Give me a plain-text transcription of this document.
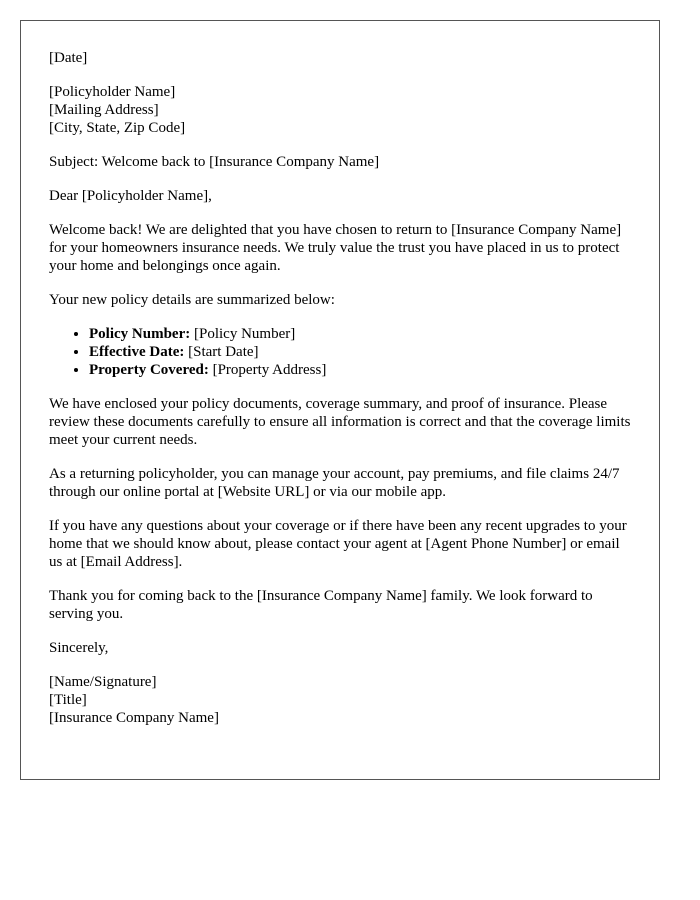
[Date]
[Policyholder Name]
[Mailing Address]
[City, State, Zip Code]
Subject: Welcome back to [Insurance Company Name]
Dear [Policyholder Name],

Welcome back! We are delighted that you have chosen to return to [Insurance Company Name] for your homeowners insurance needs. We truly value the trust you have placed in us to protect your home and belongings once again.

Your new policy details are summarized below:

• Policy Number: [Policy Number]
• Effective Date: [Start Date]
• Property Covered: [Property Address]

We have enclosed your policy documents, coverage summary, and proof of insurance. Please review these documents carefully to ensure all information is correct and that the coverage limits meet your current needs.

As a returning policyholder, you can manage your account, pay premiums, and file claims 24/7 through our online portal at [Website URL] or via our mobile app.

If you have any questions about your coverage or if there have been any recent upgrades to your home that we should know about, please contact your agent at [Agent Phone Number] or email us at [Email Address].

Thank you for coming back to the [Insurance Company Name] family. We look forward to serving you.

Sincerely,
[Name/Signature]
[Title]
[Insurance Company Name]
